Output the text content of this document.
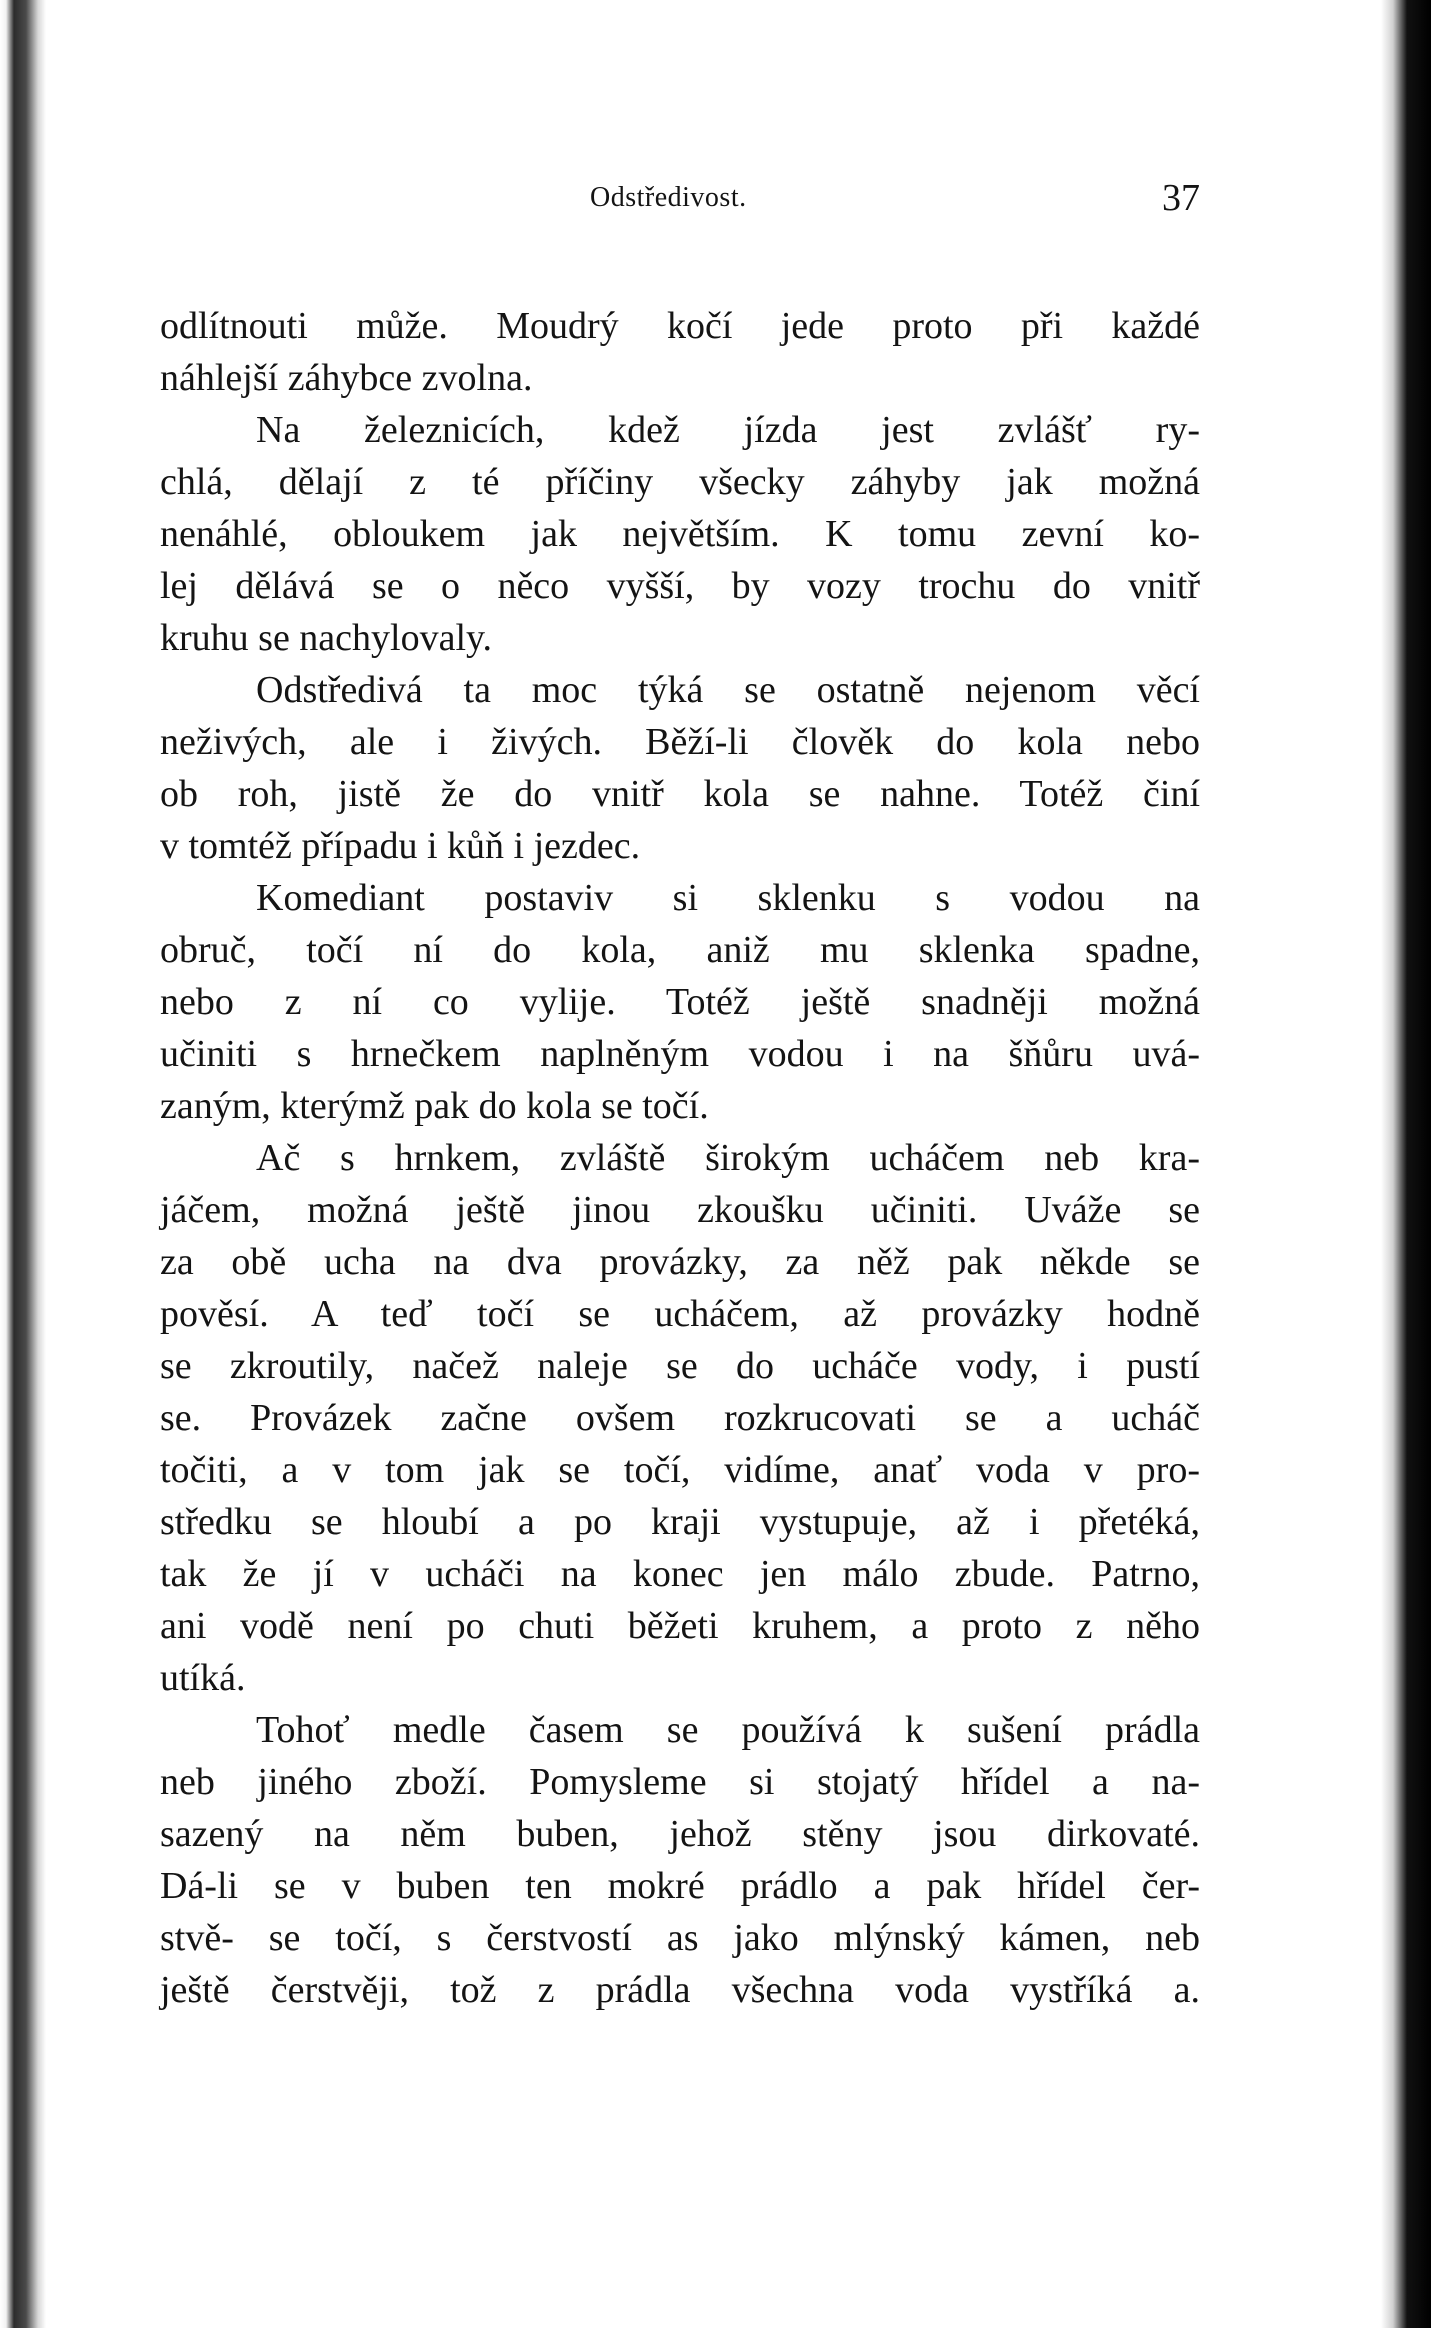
Odstředivost.	37
odlítnouti může. Moudrý kočí jede proto při každé
náhlejší záhybce zvolna.
Na železnicích, kdež jízda jest zvlášť ry-
chlá, dělají z té příčiny všecky záhyby jak možná
nenáhlé, obloukem jak největším. K tomu zevní ko-
lej dělává se o něco vyšší, by vozy trochu do vnitř
kruhu se nachylovaly.
Odstředivá ta moc týká se ostatně nejenom věcí
neživých, ale i živých. Běží-li člověk do kola nebo
ob roh, jistě že do vnitř kola se nahne. Totéž činí
v tomtéž případu i kůň i jezdec.
Komediant postaviv si sklenku s vodou na
obruč, točí ní do kola, aniž mu sklenka spadne,
nebo z ní co vylije. Totéž ještě snadněji možná
učiniti s hrnečkem naplněným vodou i na šňůru uvá-
zaným, kterýmž pak do kola se točí.
Ač s hrnkem, zvláště širokým ucháčem neb kra-
jáčem, možná ještě jinou zkoušku učiniti. Uváže se
za obě ucha na dva provázky, za něž pak někde se
pověsí. A teď točí se ucháčem, až provázky hodně
se zkroutily, načež naleje se do ucháče vody, i pustí
se. Provázek začne ovšem rozkrucovati se a ucháč
točiti, a v tom jak se točí, vidíme, anať voda v pro-
středku se hloubí a po kraji vystupuje, až i přetéká,
tak že jí v ucháči na konec jen málo zbude. Patrno,
ani vodě není po chuti běžeti kruhem, a proto z něho
utíká.
Tohoť medle časem se používá k sušení prádla
neb jiného zboží. Pomysleme si stojatý hřídel a na-
sazený na něm buben, jehož stěny jsou dirkovaté.
Dá-li se v buben ten mokré prádlo a pak hřídel čer-
stvě- se točí, s čerstvostí as jako mlýnský kámen, neb
ještě čerstvěji, tož z prádla všechna voda vystříká a.
